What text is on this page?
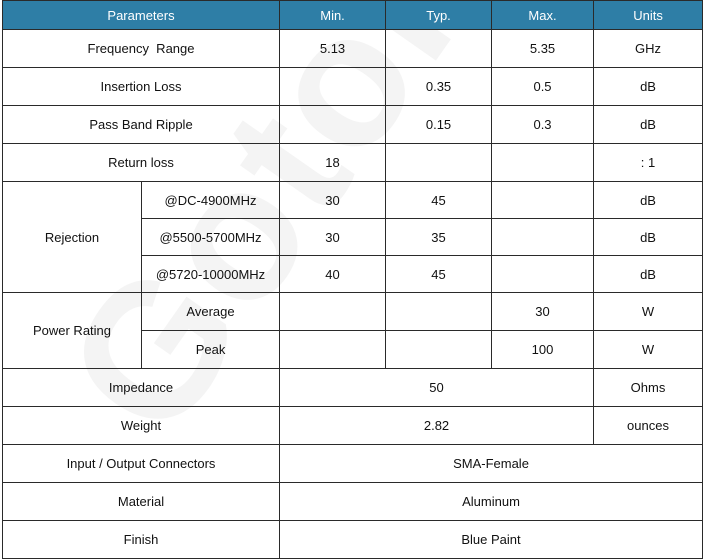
Parameters		Min.	Typ.	Max.	Units
Frequency  Range		5.13		5.35	GHz
Insertion Loss			0.35	0.5	dB
Pass Band Ripple			0.15	0.3	dB
Return loss		18			: 1
Rejection	@DC-4900MHz	30	45		dB
	@5500-5700MHz	30	35		dB
	@5720-10000MHz	40	45		dB
Power Rating	Average			30	W
	Peak			100	W
Impedance		50			Ohms
Weight		2.82			ounces
Input / Output Connectors		SMA-Female			
Material		Aluminum			
Finish		Blue Paint			
